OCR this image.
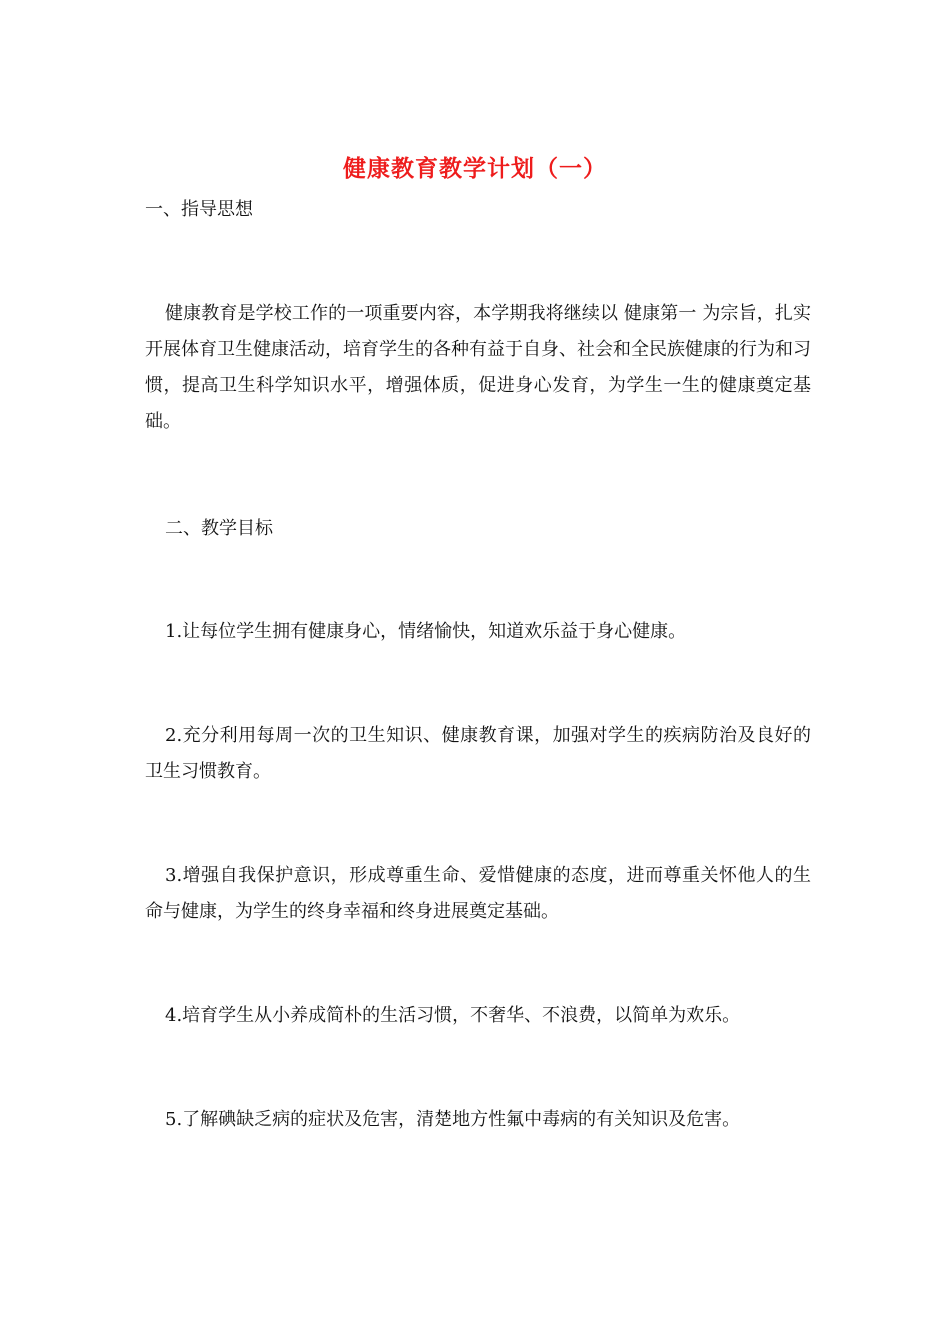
健康教育教学计划（一）

一、指导思想

健康教育是学校工作的一项重要内容，本学期我将继续以 健康第一 为宗旨，扎实开展体育卫生健康活动，培育学生的各种有益于自身、社会和全民族健康的行为和习惯，提高卫生科学知识水平，增强体质，促进身心发育，为学生一生的健康奠定基础。

二、教学目标

1.让每位学生拥有健康身心，情绪愉快，知道欢乐益于身心健康。

2.充分利用每周一次的卫生知识、健康教育课，加强对学生的疾病防治及良好的卫生习惯教育。

3.增强自我保护意识，形成尊重生命、爱惜健康的态度，进而尊重关怀他人的生命与健康，为学生的终身幸福和终身进展奠定基础。

4.培育学生从小养成简朴的生活习惯，不奢华、不浪费，以简单为欢乐。

5.了解碘缺乏病的症状及危害，清楚地方性氟中毒病的有关知识及危害。
